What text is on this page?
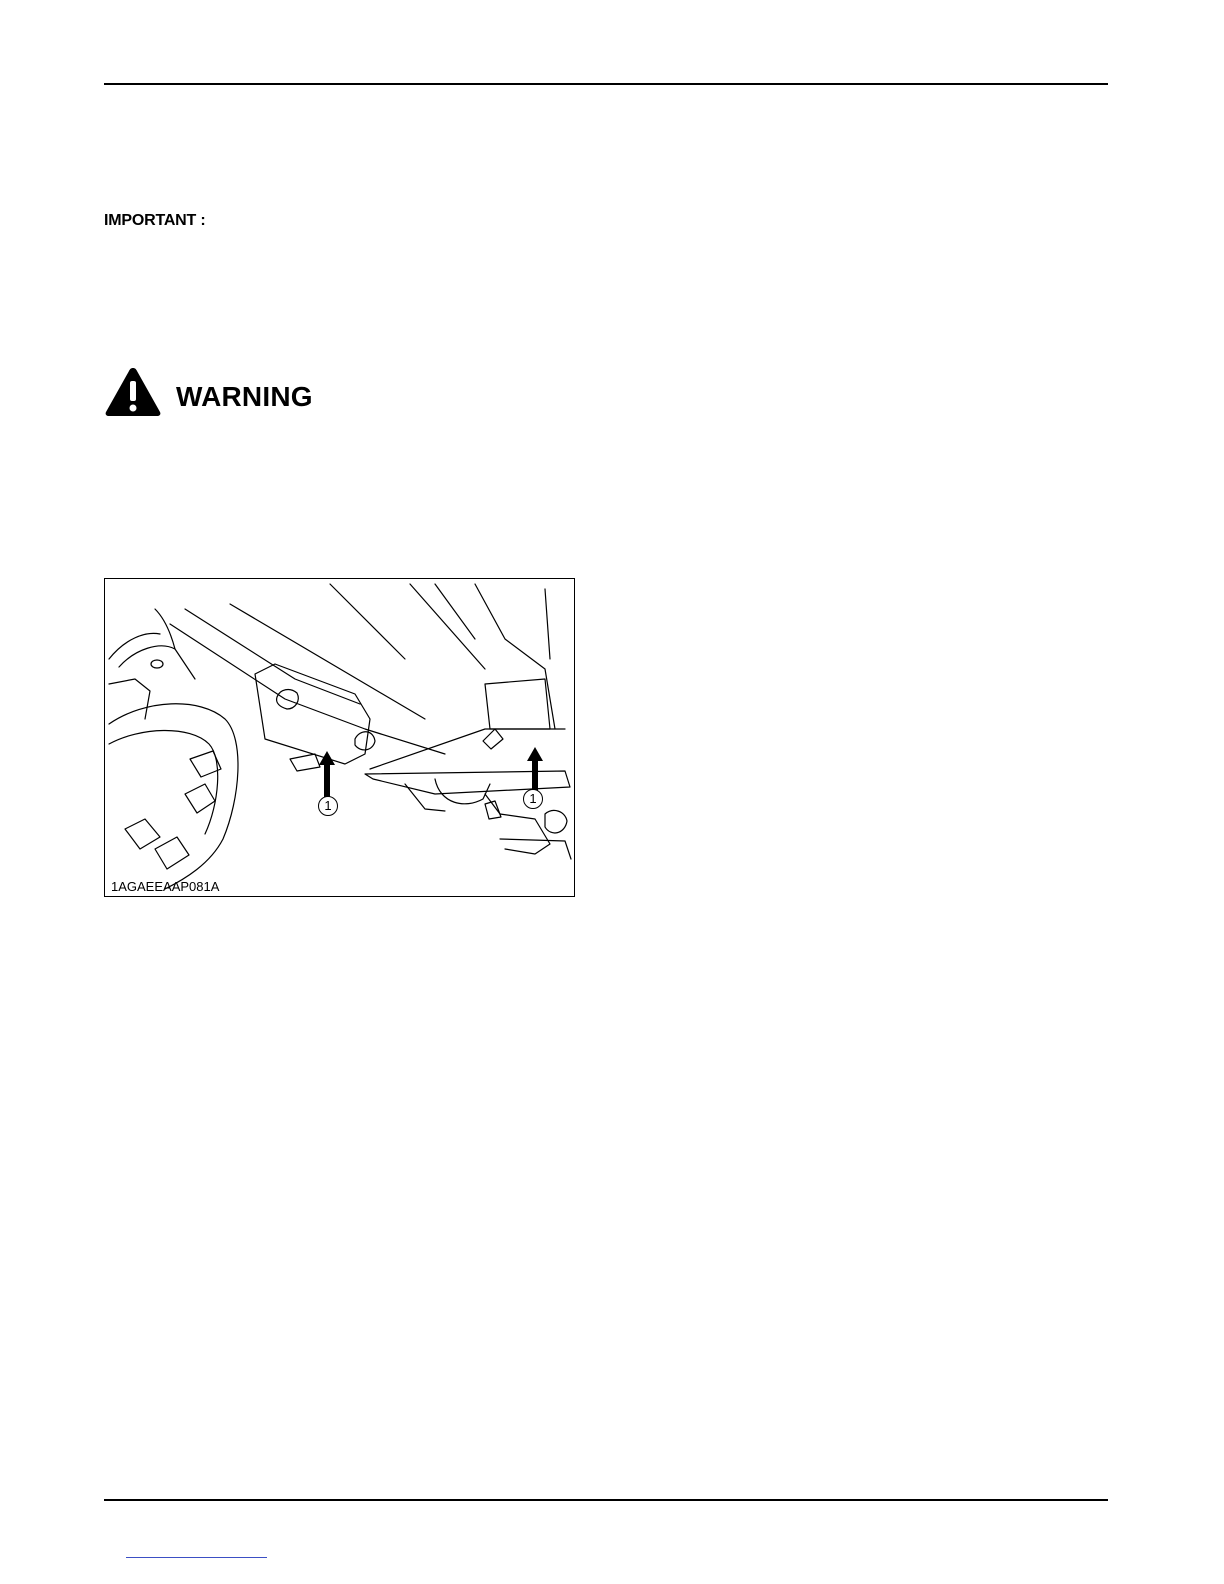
IMPORTANT :
WARNING
1	1
1AGAEEAAP081A
